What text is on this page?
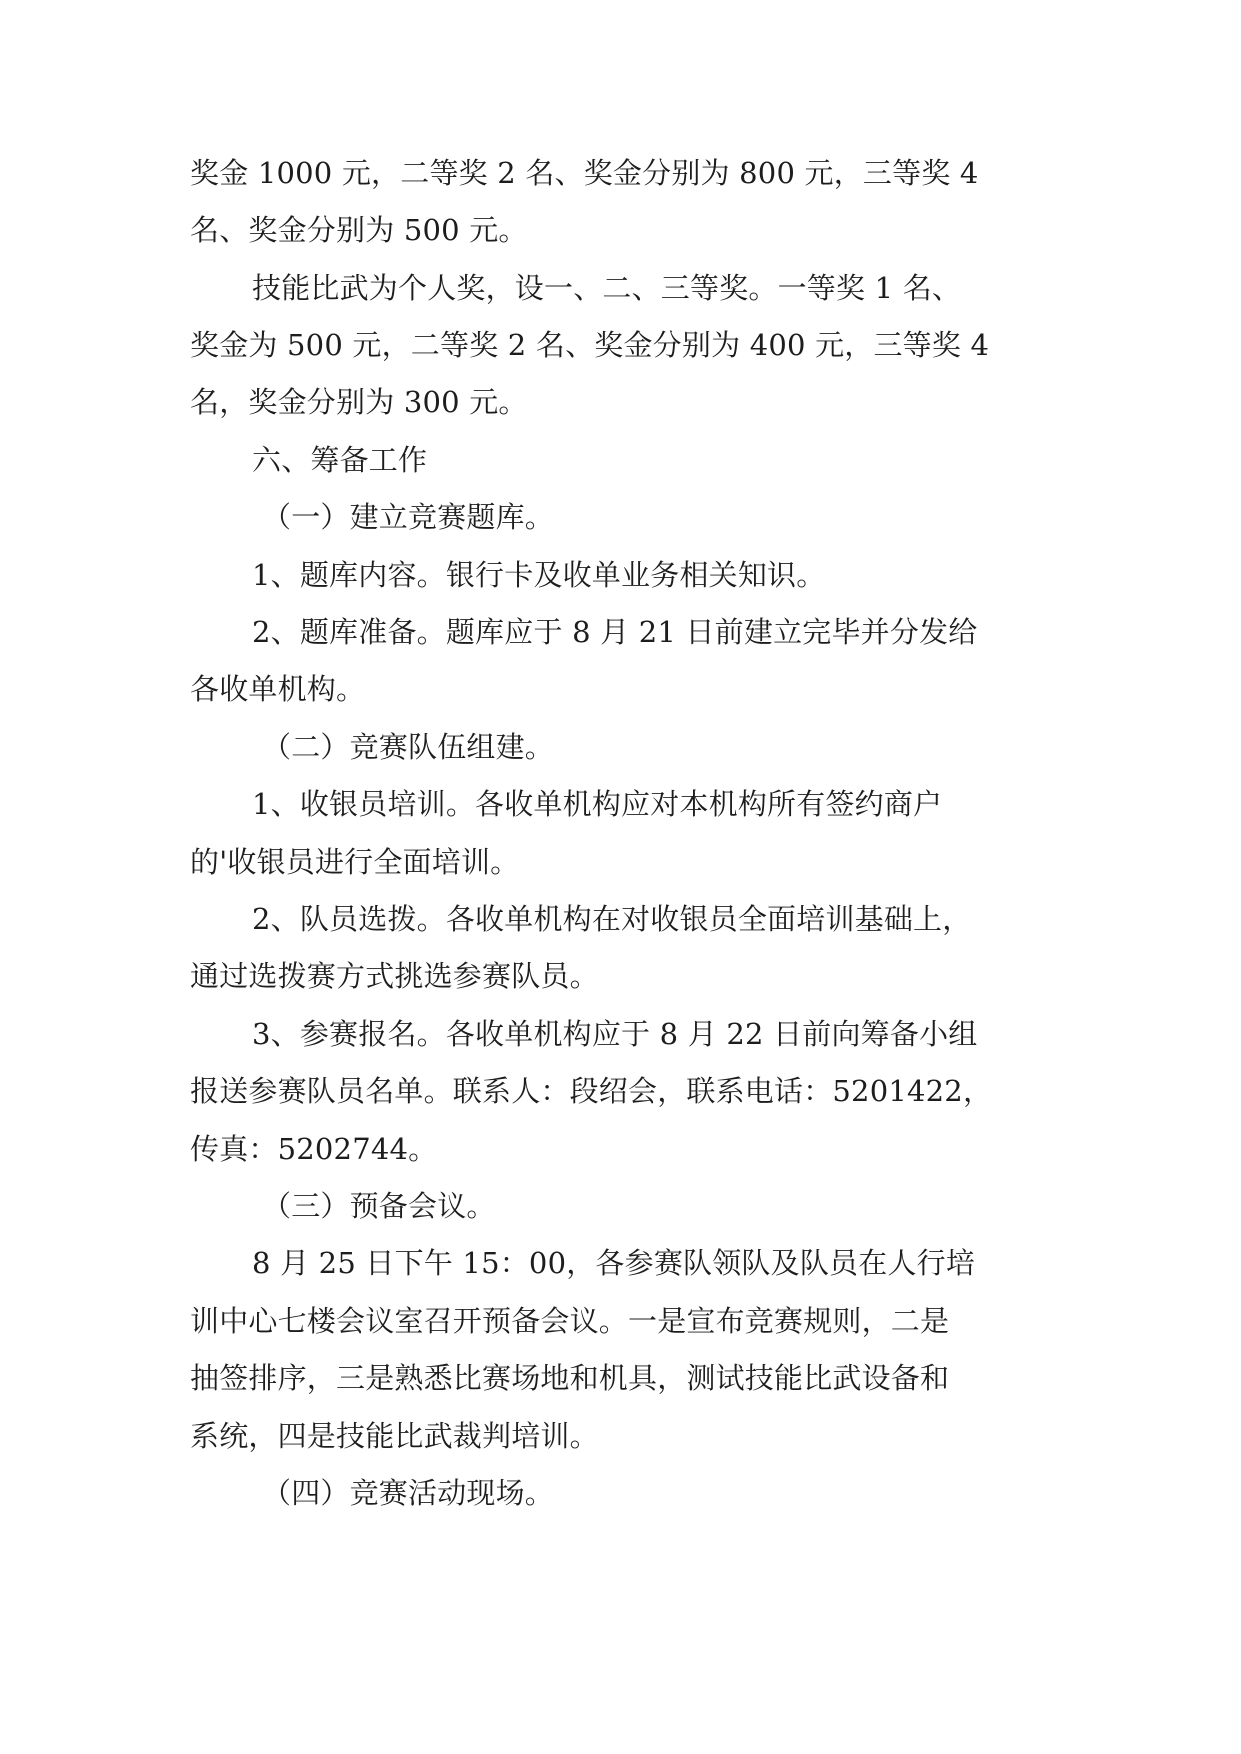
奖金 1000 元，二等奖 2 名、奖金分别为 800 元，三等奖 4
名、奖金分别为 500 元。
技能比武为个人奖，设一、二、三等奖。一等奖 1 名、
奖金为 500 元，二等奖 2 名、奖金分别为 400 元，三等奖 4
名，奖金分别为 300 元。
六、筹备工作
（一）建立竞赛题库。
1、题库内容。银行卡及收单业务相关知识。
2、题库准备。题库应于 8 月 21 日前建立完毕并分发给
各收单机构。
（二）竞赛队伍组建。
1、收银员培训。各收单机构应对本机构所有签约商户
的'收银员进行全面培训。
2、队员选拨。各收单机构在对收银员全面培训基础上，
通过选拨赛方式挑选参赛队员。
3、参赛报名。各收单机构应于 8 月 22 日前向筹备小组
报送参赛队员名单。联系人：段绍会，联系电话：5201422，
传真：5202744。
（三）预备会议。
8 月 25 日下午 15：00，各参赛队领队及队员在人行培
训中心七楼会议室召开预备会议。一是宣布竞赛规则，二是
抽签排序，三是熟悉比赛场地和机具，测试技能比武设备和
系统，四是技能比武裁判培训。
（四）竞赛活动现场。
